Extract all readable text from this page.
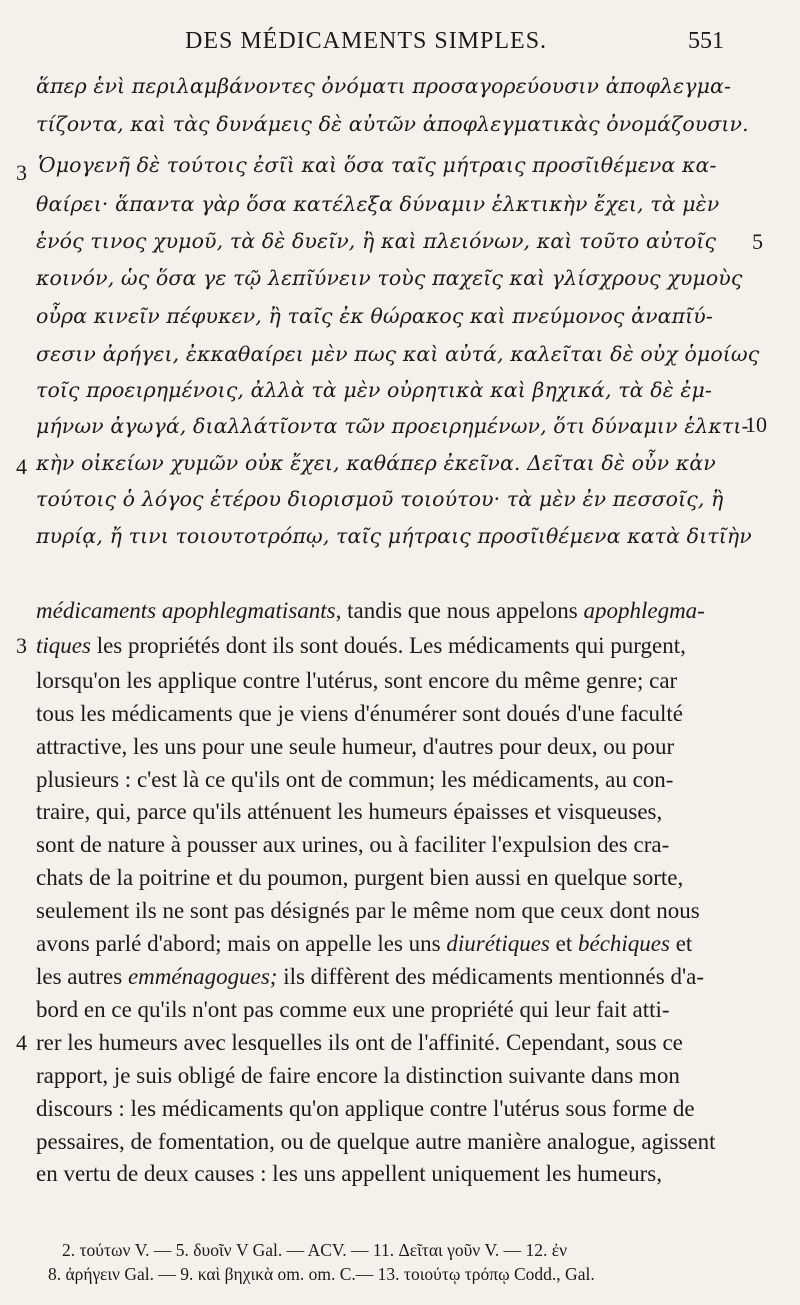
DES MÉDICAMENTS SIMPLES.	551
ἅπερ ἑνὶ περιλαμβάνοντες ὀνόματι προσαγορεύουσιν ἀποφλεγμα-
τίζοντα, καὶ τὰς δυνάμεις δὲ αὐτῶν ἀποφλεγματικὰς ὀνομάζουσιν.
Ὁμογενῆ δὲ τούτοις ἐσῖὶ καὶ ὅσα ταῖς μήτραις προσῖιθέμενα κα-
θαίρει· ἅπαντα γὰρ ὅσα κατέλεξα δύναμιν ἑλκτικὴν ἔχει, τὰ μὲν
ἑνός τινος χυμοῦ, τὰ δὲ δυεῖν, ἢ καὶ πλειόνων, καὶ τοῦτο αὐτοῖς
κοινόν, ὡς ὅσα γε τῷ λεπῖύνειν τοὺς παχεῖς καὶ γλίσχρους χυμοὺς
οὖρα κινεῖν πέφυκεν, ἢ ταῖς ἐκ θώρακος καὶ πνεύμονος ἀναπῖύ-
σεσιν ἀρήγει, ἐκκαθαίρει μὲν πως καὶ αὐτά, καλεῖται δὲ οὐχ ὁμοίως
τοῖς προειρημένοις, ἀλλὰ τὰ μὲν οὐρητικὰ καὶ βηχικά, τὰ δὲ ἐμ-
μήνων ἀγωγά, διαλλάτῖοντα τῶν προειρημένων, ὅτι δύναμιν ἑλκτι-
κὴν οἰκείων χυμῶν οὐκ ἔχει, καθάπερ ἐκεῖνα. Δεῖται δὲ οὖν κἀν
τούτοις ὁ λόγος ἑτέρου διορισμοῦ τοιούτου· τὰ μὲν ἐν πεσσοῖς, ἢ
πυρίᾳ, ἤ τινι τοιουτοτρόπῳ, ταῖς μήτραις προσῖιθέμενα κατὰ διτῖὴν
3
4
5
10
médicaments apophlegmatisants, tandis que nous appelons apophlegma-
tiques les propriétés dont ils sont doués. Les médicaments qui purgent,
lorsqu'on les applique contre l'utérus, sont encore du même genre; car
tous les médicaments que je viens d'énumérer sont doués d'une faculté
attractive, les uns pour une seule humeur, d'autres pour deux, ou pour
plusieurs : c'est là ce qu'ils ont de commun; les médicaments, au con-
traire, qui, parce qu'ils atténuent les humeurs épaisses et visqueuses,
sont de nature à pousser aux urines, ou à faciliter l'expulsion des cra-
chats de la poitrine et du poumon, purgent bien aussi en quelque sorte,
seulement ils ne sont pas désignés par le même nom que ceux dont nous
avons parlé d'abord; mais on appelle les uns diurétiques et béchiques et
les autres emménagogues; ils diffèrent des médicaments mentionnés d'a-
bord en ce qu'ils n'ont pas comme eux une propriété qui leur fait atti-
rer les humeurs avec lesquelles ils ont de l'affinité. Cependant, sous ce
rapport, je suis obligé de faire encore la distinction suivante dans mon
discours : les médicaments qu'on applique contre l'utérus sous forme de
pessaires, de fomentation, ou de quelque autre manière analogue, agissent
en vertu de deux causes : les uns appellent uniquement les humeurs,
3
4
2. τούτων V. — 5. δυοῖν V Gal. — ACV. — 11. Δεῖται γοῦν V. — 12. ἐν
8. ἀρήγειν Gal. — 9. καὶ βηχικὰ om. om. C.— 13. τοιούτῳ τρόπῳ Codd., Gal.
